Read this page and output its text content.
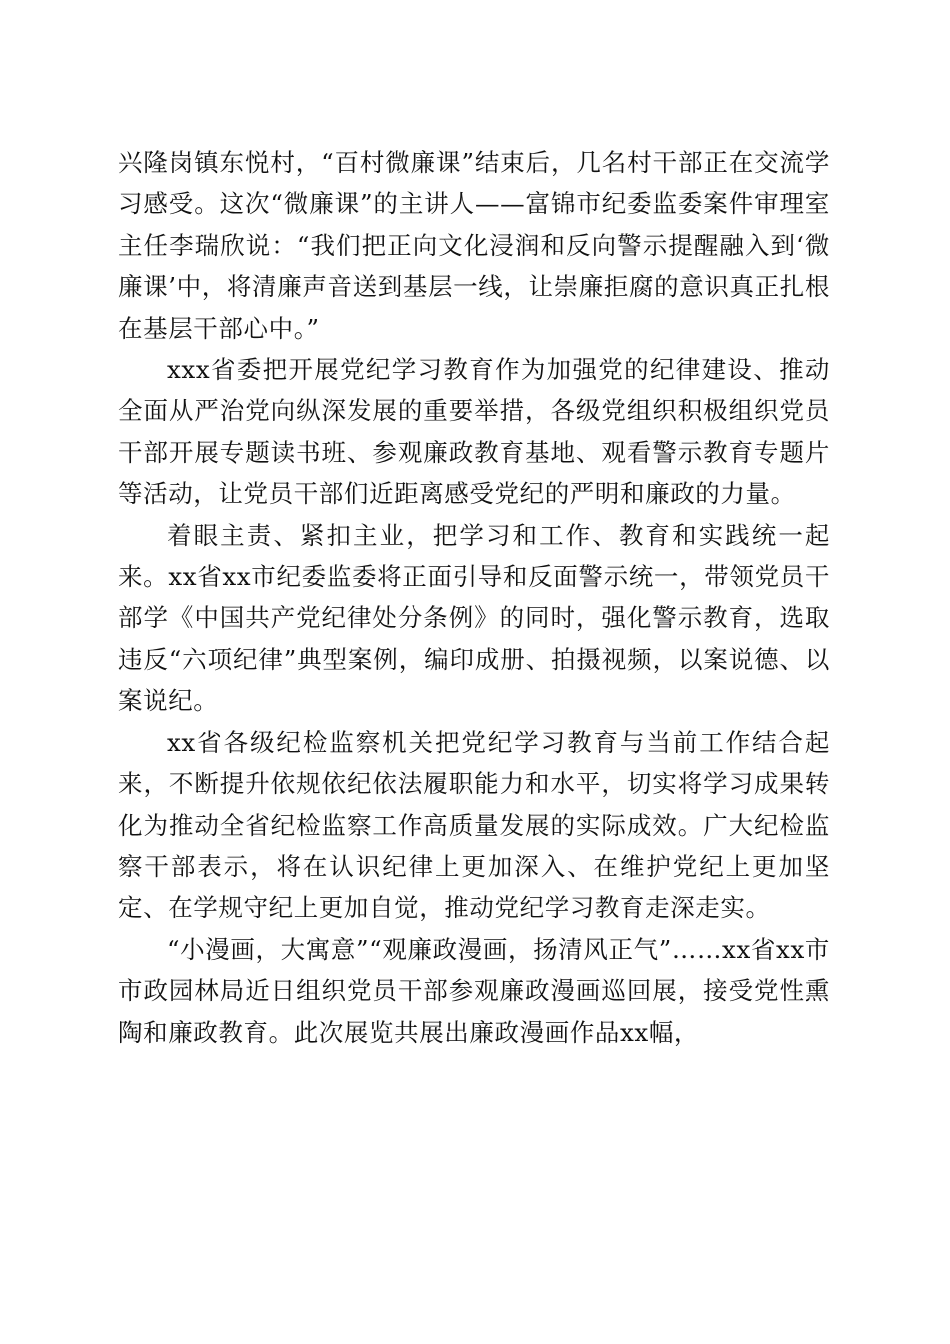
兴隆岗镇东悦村，“百村微廉课”结束后，几名村干部正在交流学习感受。这次“微廉课”的主讲人——富锦市纪委监委案件审理室主任李瑞欣说：“我们把正向文化浸润和反向警示提醒融入到‘微廉课’中，将清廉声音送到基层一线，让崇廉拒腐的意识真正扎根在基层干部心中。”

xxx省委把开展党纪学习教育作为加强党的纪律建设、推动全面从严治党向纵深发展的重要举措，各级党组织积极组织党员干部开展专题读书班、参观廉政教育基地、观看警示教育专题片等活动，让党员干部们近距离感受党纪的严明和廉政的力量。

着眼主责、紧扣主业，把学习和工作、教育和实践统一起来。xx省xx市纪委监委将正面引导和反面警示统一，带领党员干部学《中国共产党纪律处分条例》的同时，强化警示教育，选取违反“六项纪律”典型案例，编印成册、拍摄视频，以案说德、以案说纪。

xx省各级纪检监察机关把党纪学习教育与当前工作结合起来，不断提升依规依纪依法履职能力和水平，切实将学习成果转化为推动全省纪检监察工作高质量发展的实际成效。广大纪检监察干部表示，将在认识纪律上更加深入、在维护党纪上更加坚定、在学规守纪上更加自觉，推动党纪学习教育走深走实。

“小漫画，大寓意”“观廉政漫画，扬清风正气”……xx省xx市市政园林局近日组织党员干部参观廉政漫画巡回展，接受党性熏陶和廉政教育。此次展览共展出廉政漫画作品xx幅，
